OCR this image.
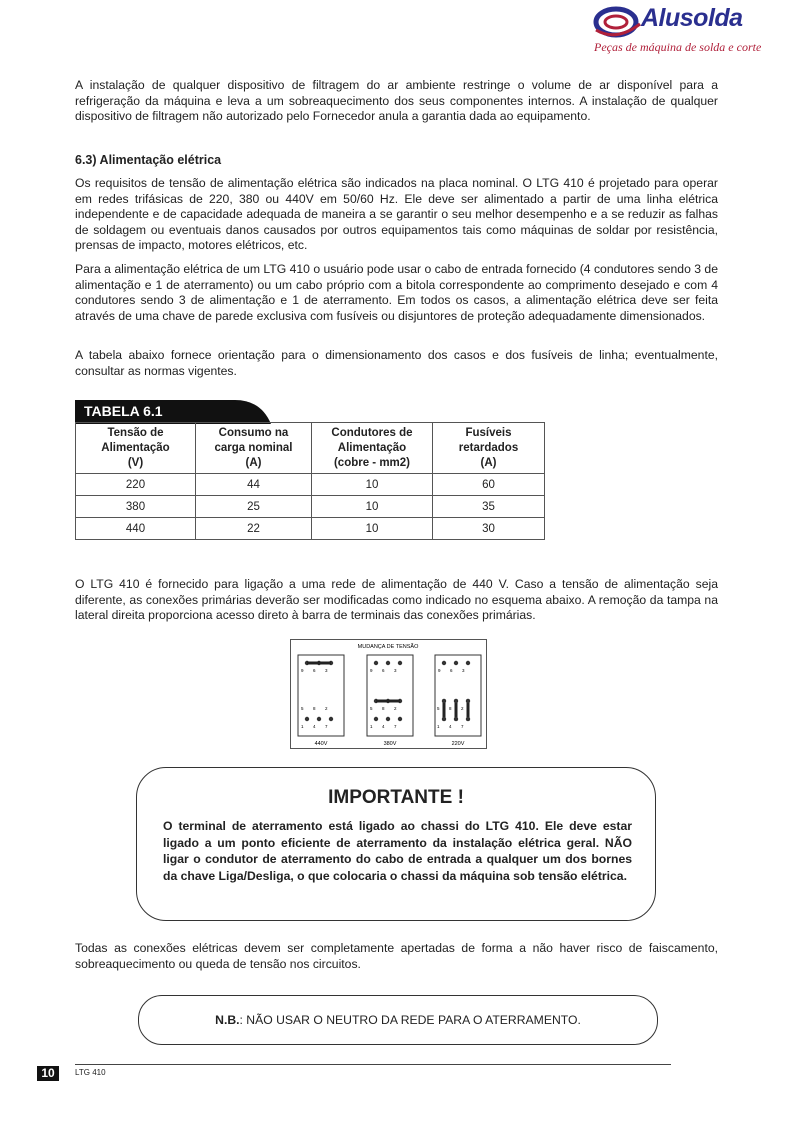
Alusolda
Peças de máquina de solda e corte

A instalação de qualquer dispositivo de filtragem do ar ambiente restringe o volume de ar disponível para a refrigeração da máquina e leva a um sobreaquecimento dos seus componentes internos. A instalação de qualquer dispositivo de filtragem não autorizado pelo Fornecedor anula a garantia dada ao equipamento.

6.3) Alimentação elétrica

Os requisitos de tensão de alimentação elétrica são indicados na placa nominal. O LTG 410 é projetado para operar em redes trifásicas de 220, 380 ou 440V em 50/60 Hz. Ele deve ser alimentado a partir de uma linha elétrica independente e de capacidade adequada de maneira a se garantir o seu melhor desempenho e a se reduzir as falhas de soldagem ou eventuais danos causados por outros equipamentos tais como máquinas de soldar por resistência, prensas de impacto, motores elétricos, etc.

Para a alimentação elétrica de um LTG 410 o usuário pode usar o cabo de entrada fornecido (4 condutores sendo 3 de alimentação e 1 de aterramento) ou um cabo próprio com a bitola correspondente ao comprimento desejado e com 4 condutores sendo 3 de alimentação e 1 de aterramento. Em todos os casos, a alimentação elétrica deve ser feita através de uma chave de parede exclusiva com fusíveis ou disjuntores de proteção adequadamente dimensionados.

A tabela abaixo fornece orientação para o dimensionamento dos casos e dos fusíveis de linha; eventualmente, consultar as normas vigentes.

TABELA 6.1
Tensão de
Alimentação
(V)	Consumo na
carga nominal
(A)	Condutores de
Alimentação
(cobre - mm2)	Fusíveis
retardados
(A)
220	44	10	60
380	25	10	35
440	22	10	30

O LTG 410 é fornecido para ligação a uma rede de alimentação de 440 V. Caso a tensão de alimentação seja diferente, as conexões primárias deverão ser modificadas como indicado no esquema abaixo. A remoção da tampa na lateral direita proporciona acesso direto à barra de terminais das conexões primárias.

MUDANÇA DE TENSÃO
9 6 3
5 8 2
1 4 7
440V
9 6 3
5 8 2
1 4 7
380V
9 6 3
5 8 2
1 4 7
220V
IMPORTANTE !

O terminal de aterramento está ligado ao chassi do LTG 410. Ele deve estar ligado a um ponto eficiente de aterramento da instalação elétrica geral. NÃO ligar o condutor de aterramento do cabo de entrada a qualquer um dos bornes da chave Liga/Desliga, o que colocaria o chassi da máquina sob tensão elétrica.

Todas as conexões elétricas devem ser completamente apertadas de forma a não haver risco de faiscamento, sobreaquecimento ou queda de tensão nos circuitos.

N.B.: NÃO USAR O NEUTRO DA REDE PARA O ATERRAMENTO.
10	LTG 410
